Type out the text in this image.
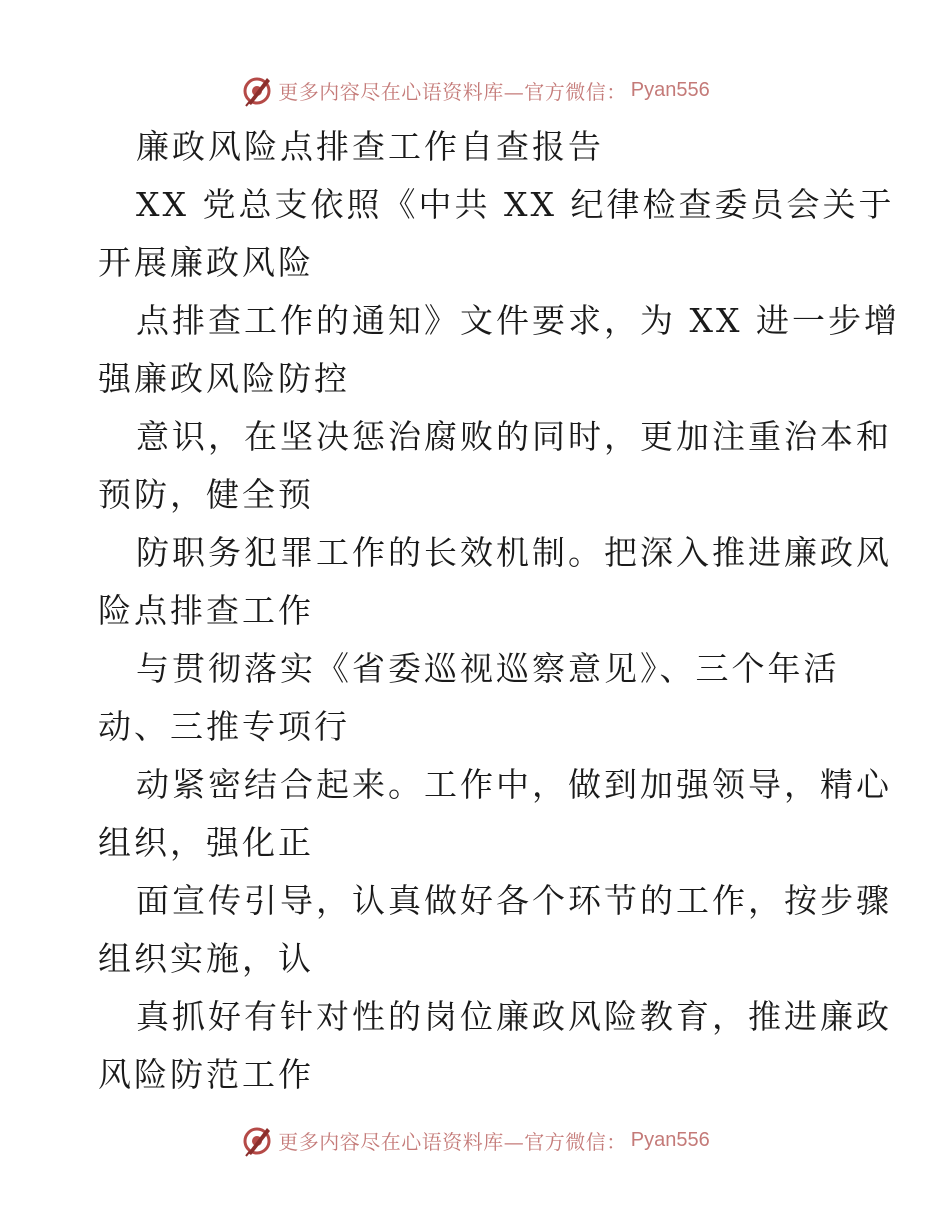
更多内容尽在心语资料库—官方微信： Pyan556
廉政风险点排查工作自查报告
XX 党总支依照《中共 XX 纪律检查委员会关于
开展廉政风险
点排查工作的通知》文件要求，为 XX 进一步增
强廉政风险防控
意识，在坚决惩治腐败的同时，更加注重治本和
预防，健全预
防职务犯罪工作的长效机制。把深入推进廉政风
险点排查工作
与贯彻落实《省委巡视巡察意见》、三个年活
动、三推专项行
动紧密结合起来。工作中，做到加强领导，精心
组织，强化正
面宣传引导，认真做好各个环节的工作，按步骤
组织实施，认
真抓好有针对性的岗位廉政风险教育，推进廉政
风险防范工作
更多内容尽在心语资料库—官方微信： Pyan556
